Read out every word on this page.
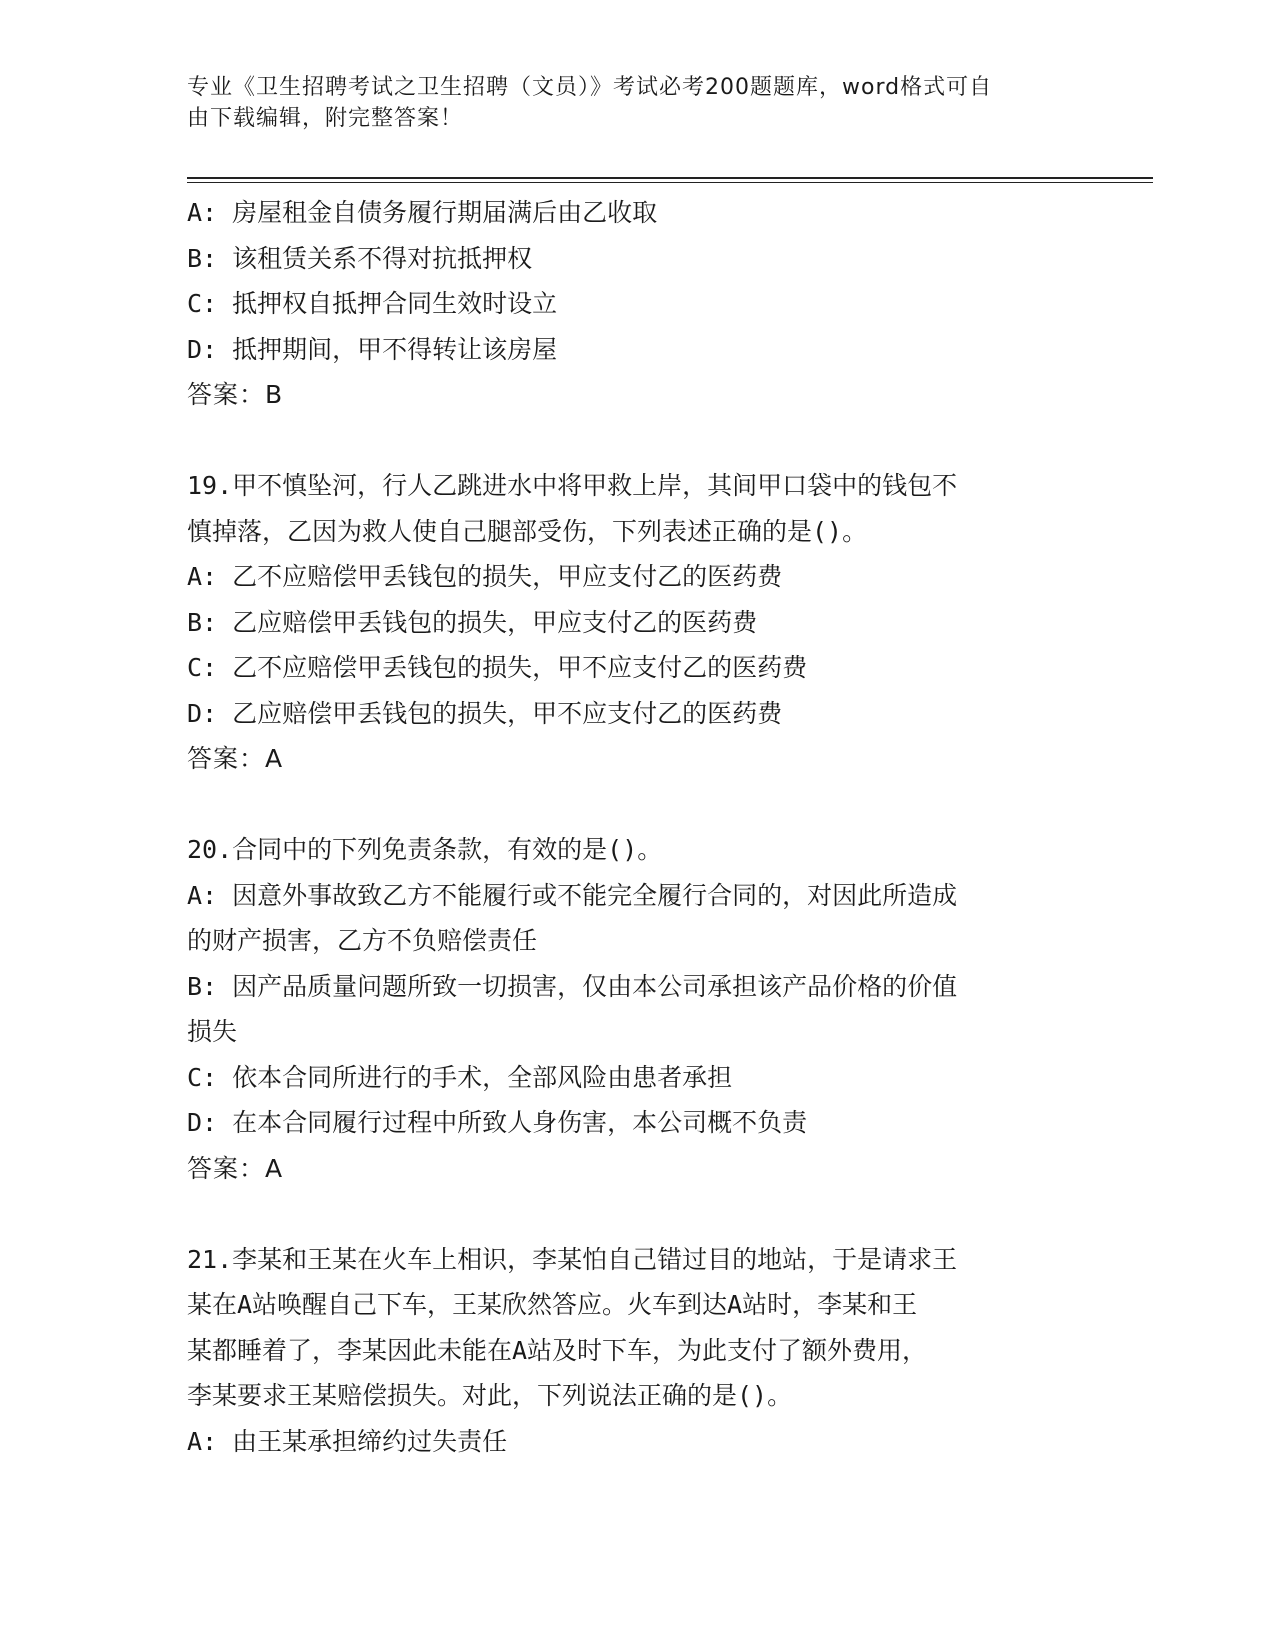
专业《卫生招聘考试之卫生招聘（文员）》考试必考200题题库，word格式可自
由下载编辑，附完整答案！

A: 房屋租金自债务履行期届满后由乙收取

B: 该租赁关系不得对抗抵押权

C: 抵押权自抵押合同生效时设立

D: 抵押期间，甲不得转让该房屋

答案：B

19.甲不慎坠河，行人乙跳进水中将甲救上岸，其间甲口袋中的钱包不

慎掉落，乙因为救人使自己腿部受伤，下列表述正确的是()。

A: 乙不应赔偿甲丢钱包的损失，甲应支付乙的医药费

B: 乙应赔偿甲丢钱包的损失，甲应支付乙的医药费

C: 乙不应赔偿甲丢钱包的损失，甲不应支付乙的医药费

D: 乙应赔偿甲丢钱包的损失，甲不应支付乙的医药费

答案：A

20.合同中的下列免责条款，有效的是()。

A: 因意外事故致乙方不能履行或不能完全履行合同的，对因此所造成

的财产损害，乙方不负赔偿责任

B: 因产品质量问题所致一切损害，仅由本公司承担该产品价格的价值

损失

C: 依本合同所进行的手术，全部风险由患者承担

D: 在本合同履行过程中所致人身伤害，本公司概不负责

答案：A

21.李某和王某在火车上相识，李某怕自己错过目的地站，于是请求王

某在A站唤醒自己下车，王某欣然答应。火车到达A站时，李某和王

某都睡着了，李某因此未能在A站及时下车，为此支付了额外费用，

李某要求王某赔偿损失。对此，下列说法正确的是()。

A: 由王某承担缔约过失责任
